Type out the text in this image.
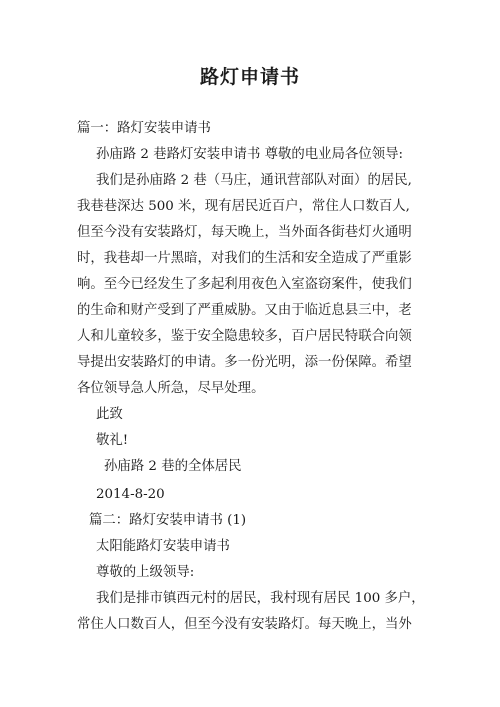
路灯申请书
篇一：路灯安装申请书
孙庙路 2 巷路灯安装申请书 尊敬的电业局各位领导:
我们是孙庙路 2 巷（马庄，通讯营部队对面）的居民,
我巷巷深达 500 米，现有居民近百户，常住人口数百人,
但至今没有安装路灯，每天晚上，当外面各街巷灯火通明
时，我巷却一片黑暗，对我们的生活和安全造成了严重影
响。至今已经发生了多起利用夜色入室盗窃案件，使我们
的生命和财产受到了严重威胁。又由于临近息县三中，老
人和儿童较多，鉴于安全隐患较多，百户居民特联合向领
导提出安装路灯的申请。多一份光明，添一份保障。希望
各位领导急人所急，尽早处理。
此致
敬礼!
孙庙路 2 巷的全体居民
2014-8-20
篇二：路灯安装申请书 (1)
太阳能路灯安装申请书
尊敬的上级领导:
我们是排市镇西元村的居民，我村现有居民 100 多户，
常住人口数百人，但至今没有安装路灯。每天晚上，当外
